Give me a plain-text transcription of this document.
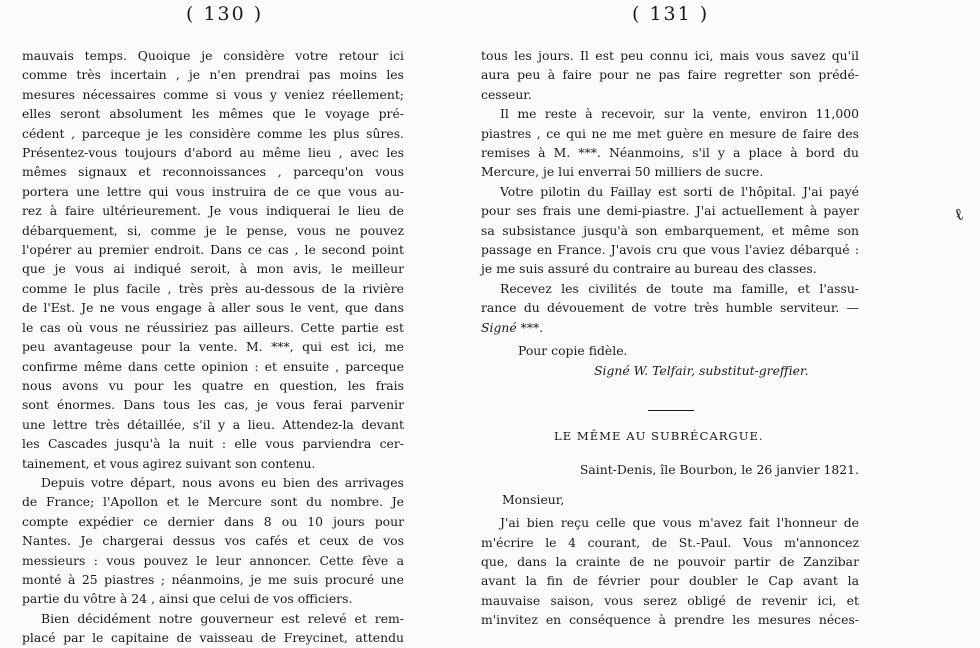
( 130 )	( 131 )
mauvais temps. Quoique je considère votre retour ici
comme très incertain , je n'en prendrai pas moins les
mesures nécessaires comme si vous y veniez réellement;
elles seront absolument les mêmes que le voyage pré-
cédent , parceque je les considère comme les plus sûres.
Présentez-vous toujours d'abord au même lieu , avec les
mêmes signaux et reconnoissances , parcequ'on vous
portera une lettre qui vous instruira de ce que vous au-
rez à faire ultérieurement. Je vous indiquerai le lieu de
débarquement, si, comme je le pense, vous ne pouvez
l'opérer au premier endroit. Dans ce cas , le second point
que je vous ai indiqué seroit, à mon avis, le meilleur
comme le plus facile , très près au-dessous de la rivière
de l'Est. Je ne vous engage à aller sous le vent, que dans
le cas où vous ne réussiriez pas ailleurs. Cette partie est
peu avantageuse pour la vente. M. ***, qui est ici, me
confirme même dans cette opinion : et ensuite , parceque
nous avons vu pour les quatre en question, les frais
sont énormes. Dans tous les cas, je vous ferai parvenir
une lettre très détaillée, s'il y a lieu. Attendez-la devant
les Cascades jusqu'à la nuit : elle vous parviendra cer-
tainement, et vous agirez suivant son contenu.
Depuis votre départ, nous avons eu bien des arrivages
de France; l'Apollon et le Mercure sont du nombre. Je
compte expédier ce dernier dans 8 ou 10 jours pour
Nantes. Je chargerai dessus vos cafés et ceux de vos
messieurs : vous pouvez le leur annoncer. Cette fève a
monté à 25 piastres ; néanmoins, je me suis procuré une
partie du vôtre à 24 , ainsi que celui de vos officiers.
Bien décidément notre gouverneur est relevé et rem-
placé par le capitaine de vaisseau de Freycinet, attendu
tous les jours. Il est peu connu ici, mais vous savez qu'il
aura peu à faire pour ne pas faire regretter son prédé-
cesseur.
Il me reste à recevoir, sur la vente, environ 11,000
piastres , ce qui ne me met guère en mesure de faire des
remises à M. ***. Néanmoins, s'il y a place à bord du
Mercure, je lui enverrai 50 milliers de sucre.
Votre pilotin du Faillay est sorti de l'hôpital. J'ai payé
pour ses frais une demi-piastre. J'ai actuellement à payer
sa subsistance jusqu'à son embarquement, et même son
passage en France. J'avois cru que vous l'aviez débarqué :
je me suis assuré du contraire au bureau des classes.
Recevez les civilités de toute ma famille, et l'assu-
rance du dévouement de votre très humble serviteur. —
Signé ***.
Pour copie fidèle.
Signé W. Telfair, substitut-greffier.
LE MÊME AU SUBRÉCARGUE.
Saint-Denis, île Bourbon, le 26 janvier 1821.
Monsieur,
J'ai bien reçu celle que vous m'avez fait l'honneur de
m'écrire le 4 courant, de St.-Paul. Vous m'annoncez
que, dans la crainte de ne pouvoir partir de Zanzibar
avant la fin de février pour doubler le Cap avant la
mauvaise saison, vous serez obligé de revenir ici, et
m'invitez en conséquence à prendre les mesures néces-
ℓ
